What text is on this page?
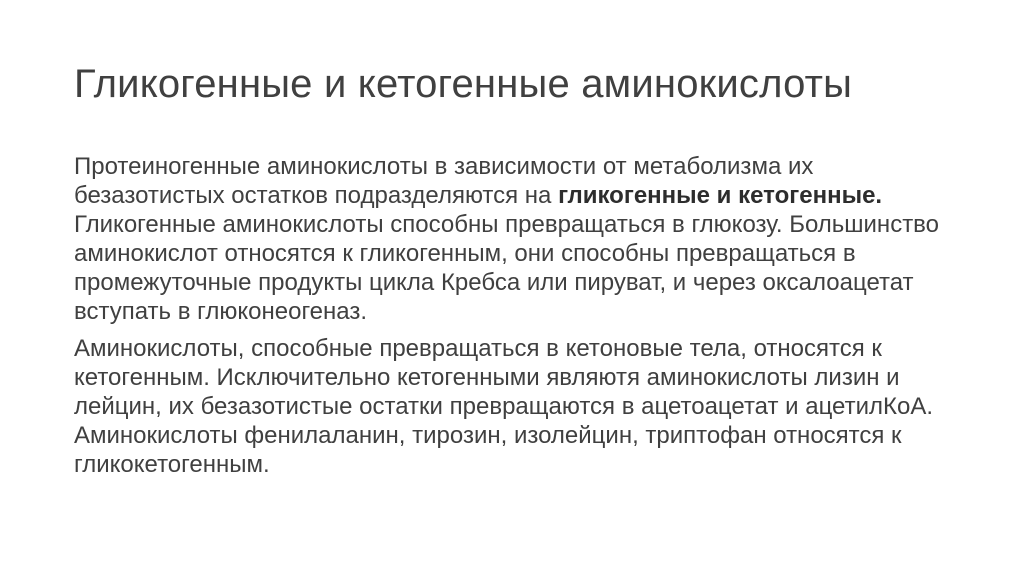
Гликогенные и кетогенные аминокислоты

Протеиногенные аминокислоты в зависимости от метаболизма их безазотистых остатков подразделяются на гликогенные и кетогенные. Гликогенные аминокислоты способны превращаться в глюкозу. Большинство аминокислот относятся к гликогенным, они способны превращаться в промежуточные продукты цикла Кребса или пируват, и через оксалоацетат вступать в глюконеогеназ.

Аминокислоты, способные превращаться в кетоновые тела, относятся к кетогенным. Исключительно кетогенными являютя аминокислоты лизин и лейцин, их безазотистые остатки превращаются в ацетоацетат и ацетилКоА. Аминокислоты фенилаланин, тирозин, изолейцин, триптофан относятся к гликокетогенным.
